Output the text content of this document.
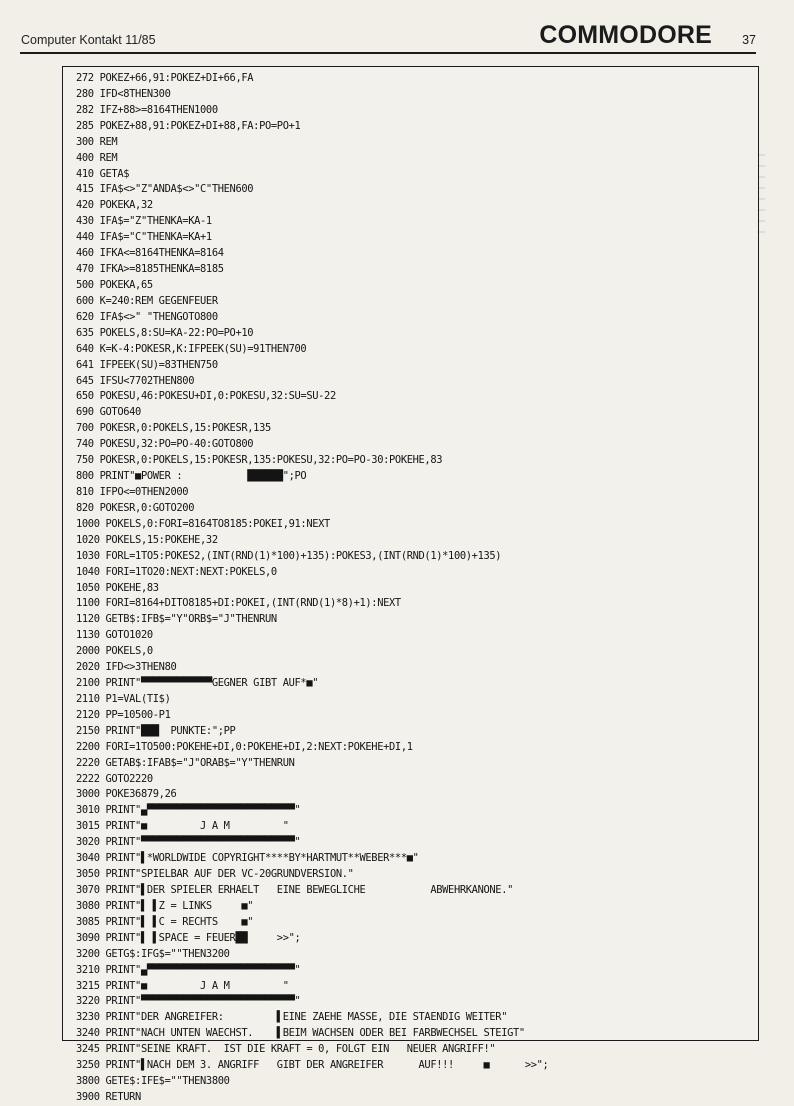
Computer Kontakt 11/85	COMMODORE 37
272 POKEZ+66,91:POKEZ+DI+66,FA
280 IFD<8THEN300
282 IFZ+88>=8164THEN1000
285 POKEZ+88,91:POKEZ+DI+88,FA:PO=PO+1
300 REM
400 REM
410 GETA$
415 IFA$<>"Z"ANDA$<>"C"THEN600
420 POKEKA,32
430 IFA$="Z"THENKA=KA-1
440 IFA$="C"THENKA=KA+1
460 IFKA<=8164THENKA=8164
470 IFKA>=8185THENKA=8185
500 POKEKA,65
600 K=240:REM GEGENFEUER
620 IFA$<>" "THENGOTO800
635 POKELS,8:SU=KA-22:PO=PO+10
640 K=K-4:POKESR,K:IFPEEK(SU)=91THEN700
641 IFPEEK(SU)=83THEN750
645 IFSU<7702THEN800
650 POKESU,46:POKESU+DI,0:POKESU,32:SU=SU-22
690 GOTO640
700 POKESR,0:POKELS,15:POKESR,135
740 POKESU,32:PO=PO-40:GOTO800
750 POKESR,0:POKELS,15:POKESR,135:POKESU,32:PO=PO-30:POKEHE,83
800 PRINT"■POWER :           ██████";PO
810 IFPO<=0THEN2000
820 POKESR,0:GOTO200
1000 POKELS,0:FORI=8164TO8185:POKEI,91:NEXT
1020 POKELS,15:POKEHE,32
1030 FORL=1TO5:POKES2,(INT(RND(1)*100)+135):POKES3,(INT(RND(1)*100)+135)
1040 FORI=1TO20:NEXT:NEXT:POKELS,0
1050 POKEHE,83
1100 FORI=8164+DITO8185+DI:POKEI,(INT(RND(1)*8)+1):NEXT
1120 GETB$:IFB$="Y"ORB$="J"THENRUN
1130 GOTO1020
2000 POKELS,0
2020 IFD<>3THEN80
2100 PRINT"▀▀▀▀▀▀▀▀▀▀▀▀GEGNER GIBT AUF*■"
2110 P1=VAL(TI$)
2120 PP=10500-P1
2150 PRINT"███  PUNKTE:";PP
2200 FORI=1TO500:POKEHE+DI,0:POKEHE+DI,2:NEXT:POKEHE+DI,1
2220 GETAB$:IFAB$="J"ORAB$="Y"THENRUN
2222 GOTO2220
3000 POKE36879,26
3010 PRINT"▄▀▀▀▀▀▀▀▀▀▀▀▀▀▀▀▀▀▀▀▀▀▀▀▀▀"
3015 PRINT"■         J A M         "
3020 PRINT"▀▀▀▀▀▀▀▀▀▀▀▀▀▀▀▀▀▀▀▀▀▀▀▀▀▀"
3040 PRINT"▌*WORLDWIDE COPYRIGHT****BY*HARTMUT**WEBER***■"
3050 PRINT"SPIELBAR AUF DER VC-20GRUNDVERSION."
3070 PRINT"▌DER SPIELER ERHAELT   EINE BEWEGLICHE           ABWEHRKANONE."
3080 PRINT"▌ ▌Z = LINKS     ■"
3085 PRINT"▌ ▌C = RECHTS    ■"
3090 PRINT"▌ ▌SPACE = FEUER██     >>";
3200 GETG$:IFG$=""THEN3200
3210 PRINT"▄▀▀▀▀▀▀▀▀▀▀▀▀▀▀▀▀▀▀▀▀▀▀▀▀▀"
3215 PRINT"■         J A M         "
3220 PRINT"▀▀▀▀▀▀▀▀▀▀▀▀▀▀▀▀▀▀▀▀▀▀▀▀▀▀"
3230 PRINT"DER ANGREIFER:         ▌EINE ZAEHE MASSE, DIE STAENDIG WEITER"
3240 PRINT"NACH UNTEN WAECHST.    ▌BEIM WACHSEN ODER BEI FARBWECHSEL STEIGT"
3245 PRINT"SEINE KRAFT.  IST DIE KRAFT = 0, FOLGT EIN   NEUER ANGRIFF!"
3250 PRINT"▌NACH DEM 3. ANGRIFF   GIBT DER ANGREIFER      AUF!!!     ■      >>";
3800 GETE$:IFE$=""THEN3800
3900 RETURN
